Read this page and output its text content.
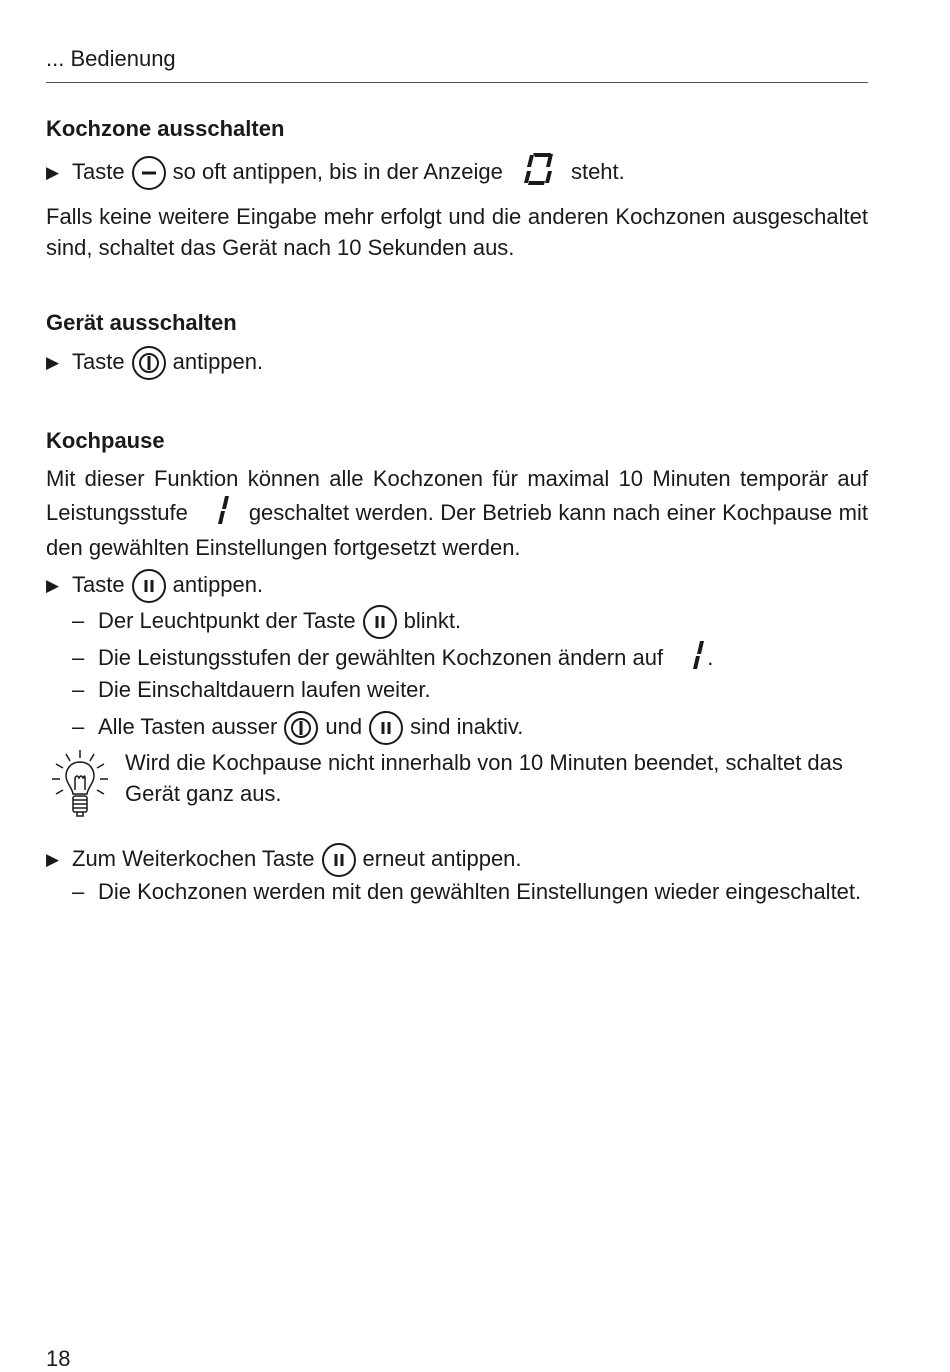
... Bedienung
Kochzone ausschalten
▶ Taste so oft antippen, bis in der Anzeige	steht.
Falls keine weitere Eingabe mehr erfolgt und die anderen Kochzonen ausgeschaltet sind, schaltet das Gerät nach 10 Sekunden aus.
Gerät ausschalten
▶ Taste antippen.
Kochpause
Mit dieser Funktion können alle Kochzonen für maximal 10 Minuten temporär auf Leistungsstufe	geschaltet werden. Der Betrieb kann nach einer Kochpause mit den gewählten Einstellungen fortgesetzt werden.
▶ Taste antippen.
– Der Leuchtpunkt der Taste blinkt.
– Die Leistungsstufen der gewählten Kochzonen ändern auf .
– Die Einschaltdauern laufen weiter.
– Alle Tasten ausser und sind inaktiv.
Wird die Kochpause nicht innerhalb von 10 Minuten beendet, schaltet das Gerät ganz aus.
▶ Zum Weiterkochen Taste erneut antippen.
– Die Kochzonen werden mit den gewählten Einstellungen wieder eingeschaltet.
18
